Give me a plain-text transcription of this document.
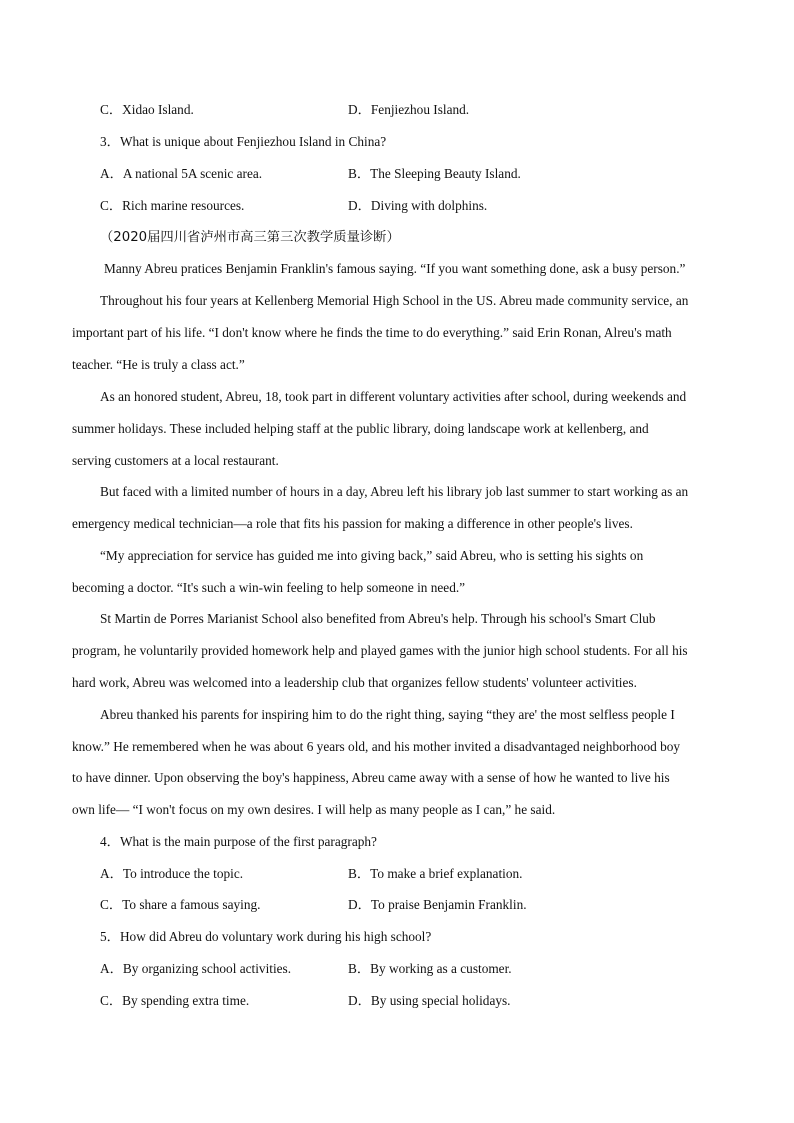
C．Xidao Island.	D．Fenjiezhou Island.
3．What is unique about Fenjiezhou Island in China?
A．A national 5A scenic area.	B．The Sleeping Beauty Island.
C．Rich marine resources.	D．Diving with dolphins.
（2020届四川省泸州市高三第三次教学质量诊断）
Manny Abreu pratices Benjamin Franklin's famous saying. “If you want something done, ask a busy person.”
Throughout his four years at Kellenberg Memorial High School in the US. Abreu made community service, an
important part of his life. “I don't know where he finds the time to do everything.” said Erin Ronan, Alreu's math
teacher. “He is truly a class act.”
As an honored student, Abreu, 18, took part in different voluntary activities after school, during weekends and
summer holidays. These included helping staff at the public library, doing landscape work at kellenberg, and
serving customers at a local restaurant.
But faced with a limited number of hours in a day, Abreu left his library job last summer to start working as an
emergency medical technician—a role that fits his passion for making a difference in other people's lives.
“My appreciation for service has guided me into giving back,” said Abreu, who is setting his sights on
becoming a doctor. “It's such a win-win feeling to help someone in need.”
St Martin de Porres Marianist School also benefited from Abreu's help. Through his school's Smart Club
program, he voluntarily provided homework help and played games with the junior high school students. For all his
hard work, Abreu was welcomed into a leadership club that organizes fellow students' volunteer activities.
Abreu thanked his parents for inspiring him to do the right thing, saying “they are' the most selfless people I
know.” He remembered when he was about 6 years old, and his mother invited a disadvantaged neighborhood boy
to have dinner. Upon observing the boy's happiness, Abreu came away with a sense of how he wanted to live his
own life— “I won't focus on my own desires. I will help as many people as I can,” he said.
4．What is the main purpose of the first paragraph?
A．To introduce the topic.	B．To make a brief explanation.
C．To share a famous saying.	D．To praise Benjamin Franklin.
5．How did Abreu do voluntary work during his high school?
A．By organizing school activities.	B．By working as a customer.
C．By spending extra time.	D．By using special holidays.
